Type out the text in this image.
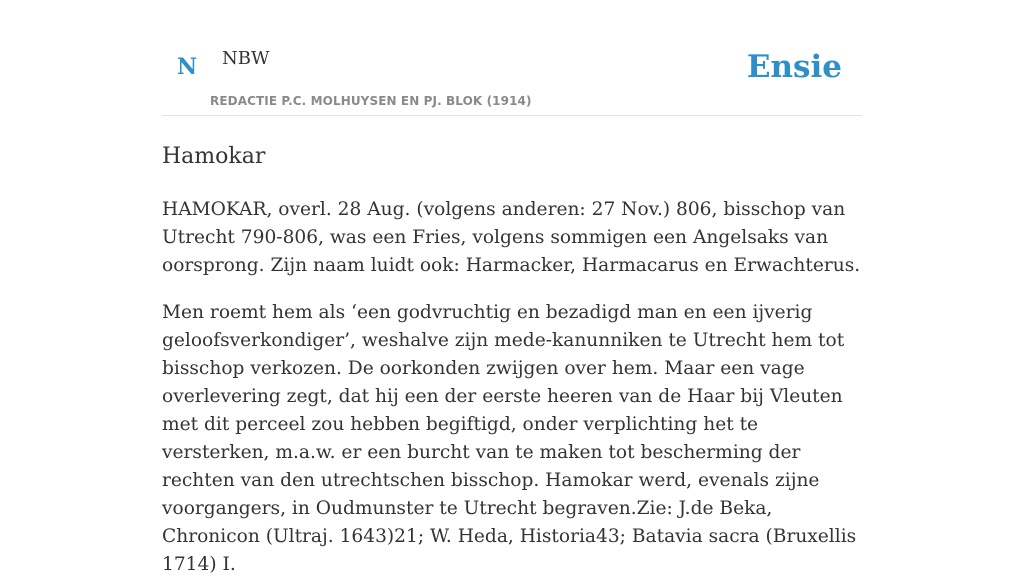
N NBW
REDACTIE P.C. MOLHUYSEN EN PJ. BLOK (1914)
Ensie
Hamokar

HAMOKAR, overl. 28 Aug. (volgens anderen: 27 Nov.) 806, bisschop van Utrecht 790-806, was een Fries, volgens sommigen een Angelsaks van oorsprong. Zijn naam luidt ook: Harmacker, Harmacarus en Erwachterus.

Men roemt hem als ‘een godvruchtig en bezadigd man en een ijverig geloofsverkondiger’, weshalve zijn mede-kanunniken te Utrecht hem tot bisschop verkozen. De oorkonden zwijgen over hem. Maar een vage overlevering zegt, dat hij een der eerste heeren van de Haar bij Vleuten met dit perceel zou hebben begiftigd, onder verplichting het te versterken, m.a.w. er een burcht van te maken tot bescherming der rechten van den utrechtschen bisschop. Hamokar werd, evenals zijne voorgangers, in Oudmunster te Utrecht begraven.Zie: J.de Beka, Chronicon (Ultraj. 1643)21; W. Heda, Historia43; Batavia sacra (Bruxellis 1714) I.
